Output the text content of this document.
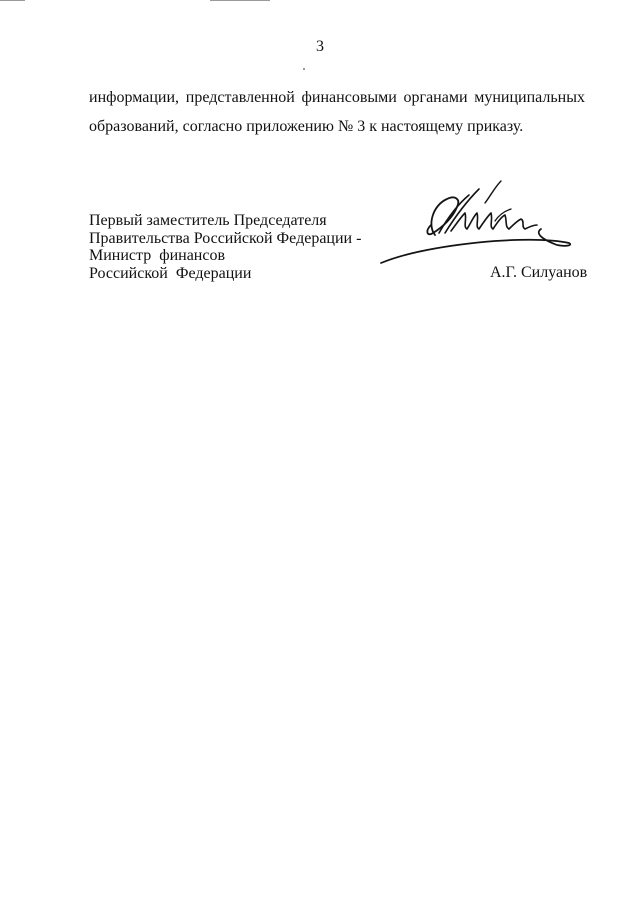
3

информации, представленной финансовыми органами муниципальных

образований, согласно приложению № 3 к настоящему приказу.

Первый заместитель Председателя
Правительства Российской Федерации -
Министр  финансов
Российской  Федерации	А.Г. Силуанов
